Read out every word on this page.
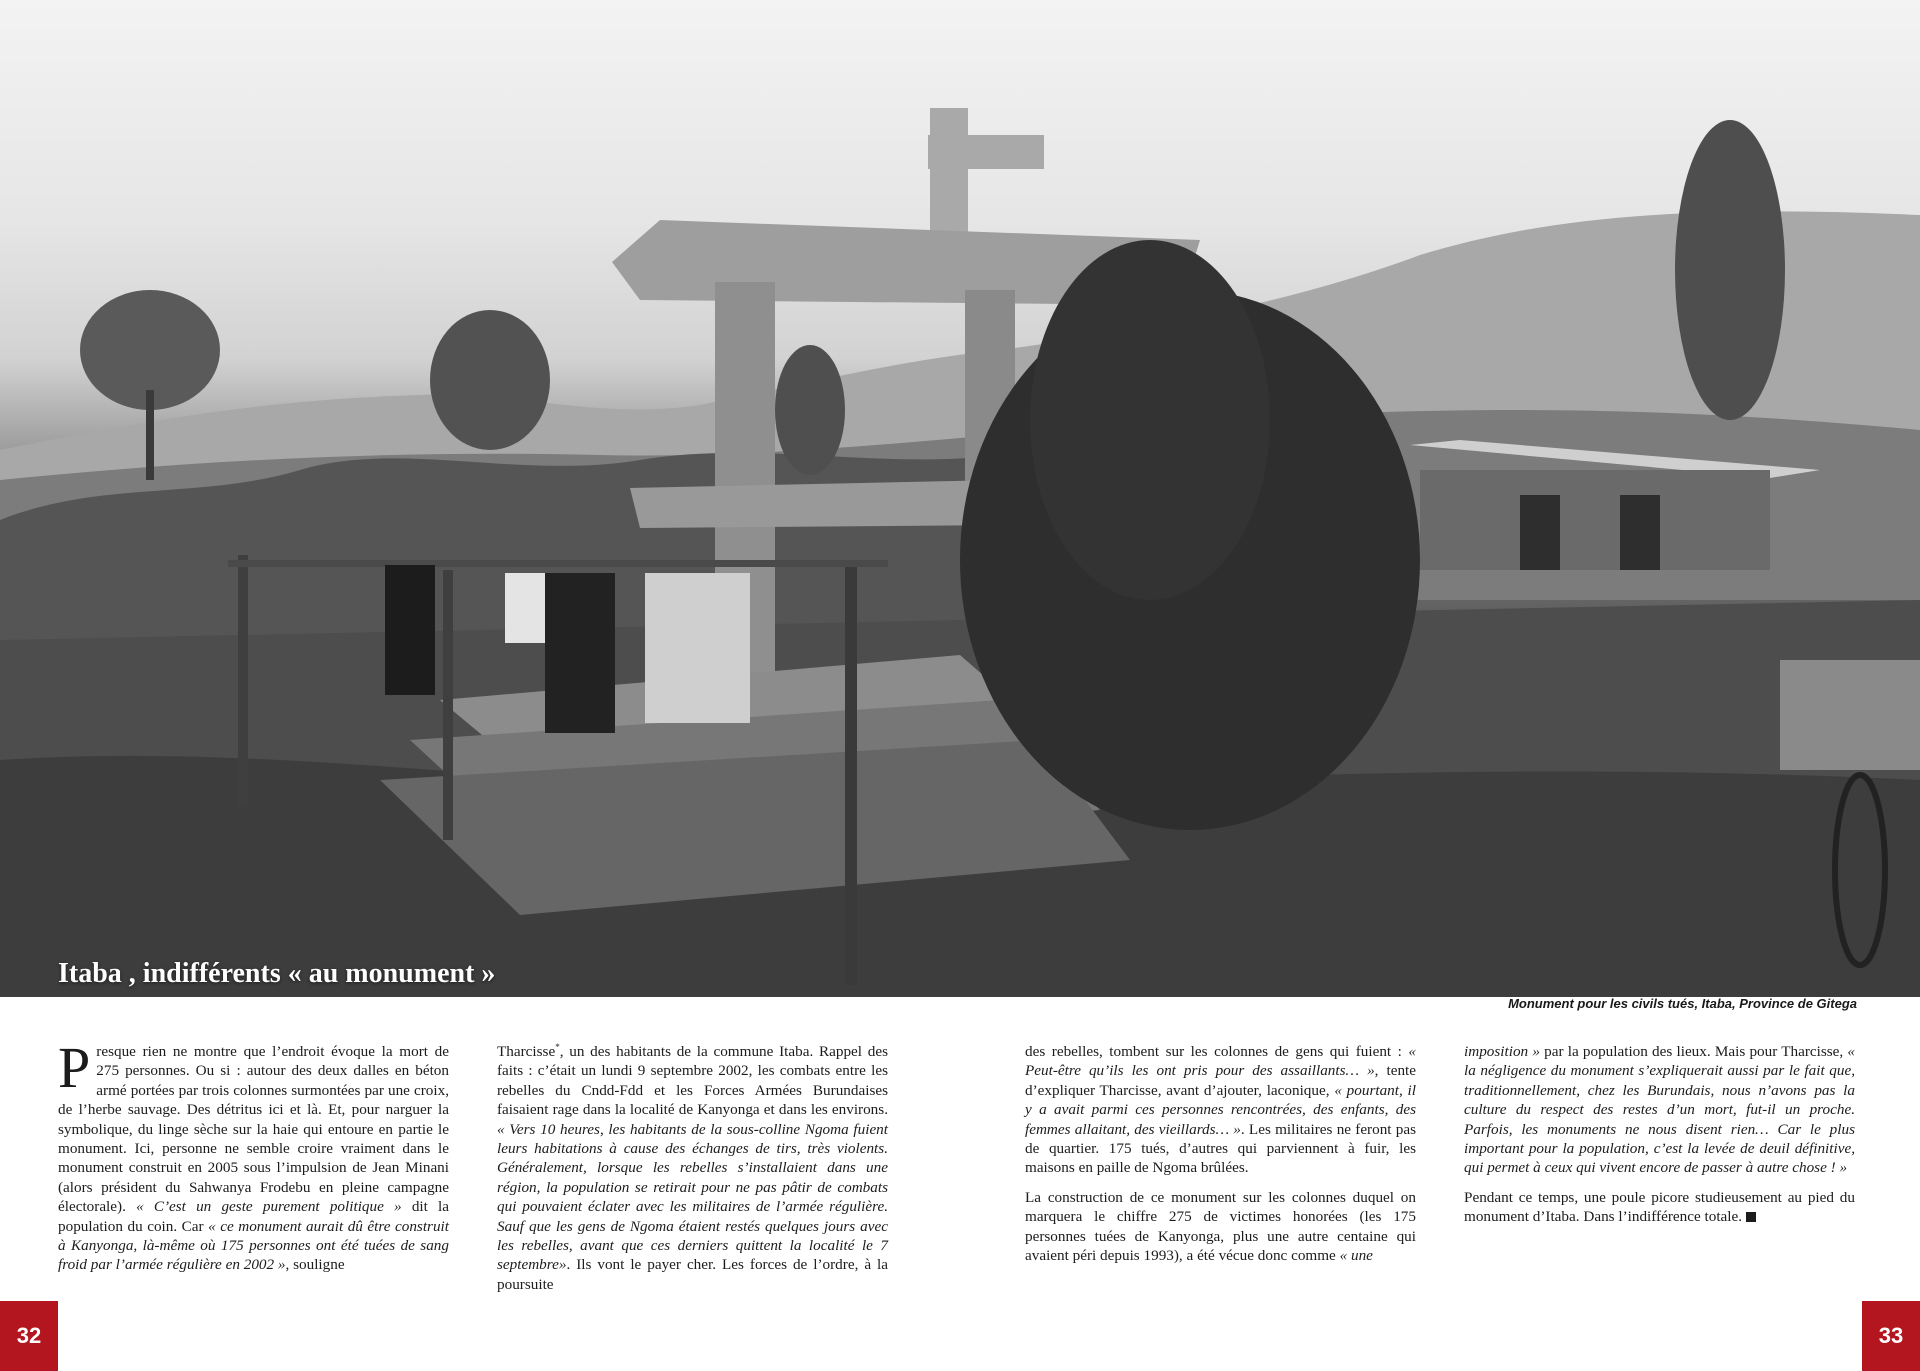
Itaba , indifférents « au monument »
Monument pour les civils tués, Itaba, Province de Gitega

Presque rien ne montre que l’endroit évoque la mort de 275 personnes. Ou si : autour des deux dalles en béton armé portées par trois colonnes surmontées par une croix, de l’herbe sauvage. Des détritus ici et là. Et, pour narguer la symbolique, du linge sèche sur la haie qui entoure en partie le monument. Ici, personne ne semble croire vraiment dans le monument construit en 2005 sous l’impulsion de Jean Minani (alors président du Sahwanya Frodebu en pleine campagne électorale). « C’est un geste purement politique » dit la population du coin. Car « ce monument aurait dû être construit à Kanyonga, là-même où 175 personnes ont été tuées de sang froid par l’armée régulière en 2002 », souligne

Tharcisse*, un des habitants de la commune Itaba. Rappel des faits : c’était un lundi 9 septembre 2002, les combats entre les rebelles du Cndd-Fdd et les Forces Armées Burundaises faisaient rage dans la localité de Kanyonga et dans les environs. « Vers 10 heures, les habitants de la sous-colline Ngoma fuient leurs habitations à cause des échanges de tirs, très violents. Généralement, lorsque les rebelles s’installaient dans une région, la population se retirait pour ne pas pâtir de combats qui pouvaient éclater avec les militaires de l’armée régulière. Sauf que les gens de Ngoma étaient restés quelques jours avec les rebelles, avant que ces derniers quittent la localité le 7 septembre». Ils vont le payer cher. Les forces de l’ordre, à la poursuite

des rebelles, tombent sur les colonnes de gens qui fuient : « Peut-être qu’ils les ont pris pour des assaillants… », tente d’expliquer Tharcisse, avant d’ajouter, laconique, « pourtant, il y a avait parmi ces personnes rencontrées, des enfants, des femmes allaitant, des vieillards… ». Les militaires ne feront pas de quartier. 175 tués, d’autres qui parviennent à fuir, les maisons en paille de Ngoma brûlées.

La construction de ce monument sur les colonnes duquel on marquera le chiffre 275 de victimes honorées (les 175 personnes tuées de Kanyonga, plus une autre centaine qui avaient péri depuis 1993), a été vécue donc comme « une

imposition » par la population des lieux. Mais pour Tharcisse, « la négligence du monument s’expliquerait aussi par le fait que, traditionnellement, chez les Burundais, nous n’avons pas la culture du respect des restes d’un mort, fut-il un proche. Parfois, les monuments ne nous disent rien… Car le plus important pour la population, c’est la levée de deuil définitive, qui permet à ceux qui vivent encore de passer à autre chose ! »

Pendant ce temps, une poule picore studieusement au pied du monument d’Itaba. Dans l’indifférence totale.

32	33
